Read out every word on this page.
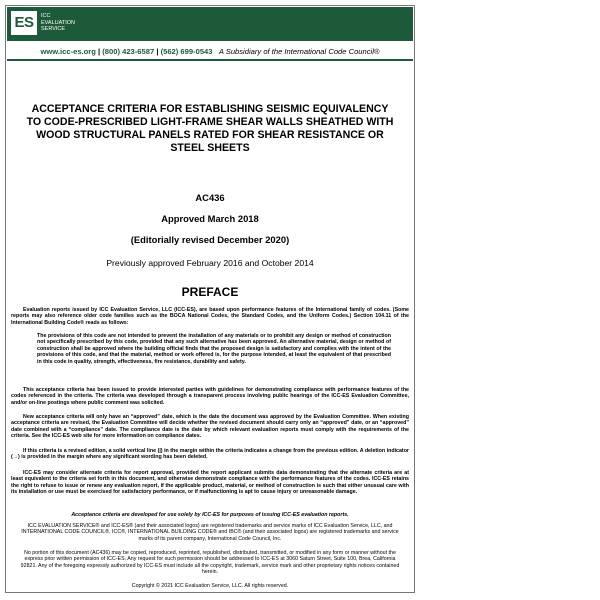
ES	ICC
EVALUATION
SERVICE
www.icc-es.org | (800) 423-6587 | (562) 699-0543 A Subsidiary of the International Code Council®

ACCEPTANCE CRITERIA FOR ESTABLISHING SEISMIC EQUIVALENCY TO CODE-PRESCRIBED LIGHT-FRAME SHEAR WALLS SHEATHED WITH WOOD STRUCTURAL PANELS RATED FOR SHEAR RESISTANCE OR STEEL SHEETS

AC436

Approved March 2018

(Editorially revised December 2020)

Previously approved February 2016 and October 2014

PREFACE

Evaluation reports issued by ICC Evaluation Service, LLC (ICC-ES), are based upon performance features of the International family of codes. (Some reports may also reference older code families such as the BOCA National Codes, the Standard Codes, and the Uniform Codes.) Section 104.11 of the International Building Code® reads as follows:

The provisions of this code are not intended to prevent the installation of any materials or to prohibit any design or method of construction not specifically prescribed by this code, provided that any such alternative has been approved. An alternative material, design or method of construction shall be approved where the building official finds that the proposed design is satisfactory and complies with the intent of the provisions of this code, and that the material, method or work offered is, for the purpose intended, at least the equivalent of that prescribed in this code in quality, strength, effectiveness, fire resistance, durability and safety.

This acceptance criteria has been issued to provide interested parties with guidelines for demonstrating compliance with performance features of the codes referenced in the criteria. The criteria was developed through a transparent process involving public hearings of the ICC-ES Evaluation Committee, and/or on-line postings where public comment was solicited.

New acceptance criteria will only have an “approved” date, which is the date the document was approved by the Evaluation Committee. When existing acceptance criteria are revised, the Evaluation Committee will decide whether the revised document should carry only an “approved” date, or an “approved” date combined with a “compliance” date. The compliance date is the date by which relevant evaluation reports must comply with the requirements of the criteria. See the ICC-ES web site for more information on compliance dates.

If this criteria is a revised edition, a solid vertical line (|) in the margin within the criteria indicates a change from the previous edition. A deletion indicator (→) is provided in the margin where any significant wording has been deleted.

ICC-ES may consider alternate criteria for report approval, provided the report applicant submits data demonstrating that the alternate criteria are at least equivalent to the criteria set forth in this document, and otherwise demonstrate compliance with the performance features of the codes. ICC-ES retains the right to refuse to issue or renew any evaluation report, if the applicable product, material, or method of construction is such that either unusual care with its installation or use must be exercised for satisfactory performance, or if malfunctioning is apt to cause injury or unreasonable damage.

Acceptance criteria are developed for use solely by ICC-ES for purposes of issuing ICC-ES evaluation reports.

ICC EVALUATION SERVICE® and ICC-ES® (and their associated logos) are registered trademarks and service marks of ICC Evaluation Service, LLC, and INTERNATIONAL CODE COUNCIL®, ICC®, INTERNATIONAL BUILDING CODE® and IBC® (and their associated logos) are registered trademarks and service marks of its parent company, International Code Council, Inc.

No portion of this document (AC436) may be copied, reproduced, reprinted, republished, distributed, transmitted, or modified in any form or manner without the express prior written permission of ICC-ES. Any request for such permission should be addressed to ICC-ES at 3060 Saturn Street, Suite 100, Brea, California 92821. Any of the foregoing expressly authorized by ICC-ES must include all the copyright, trademark, service mark and other proprietary rights notices contained herein.

Copyright © 2021 ICC Evaluation Service, LLC. All rights reserved.
